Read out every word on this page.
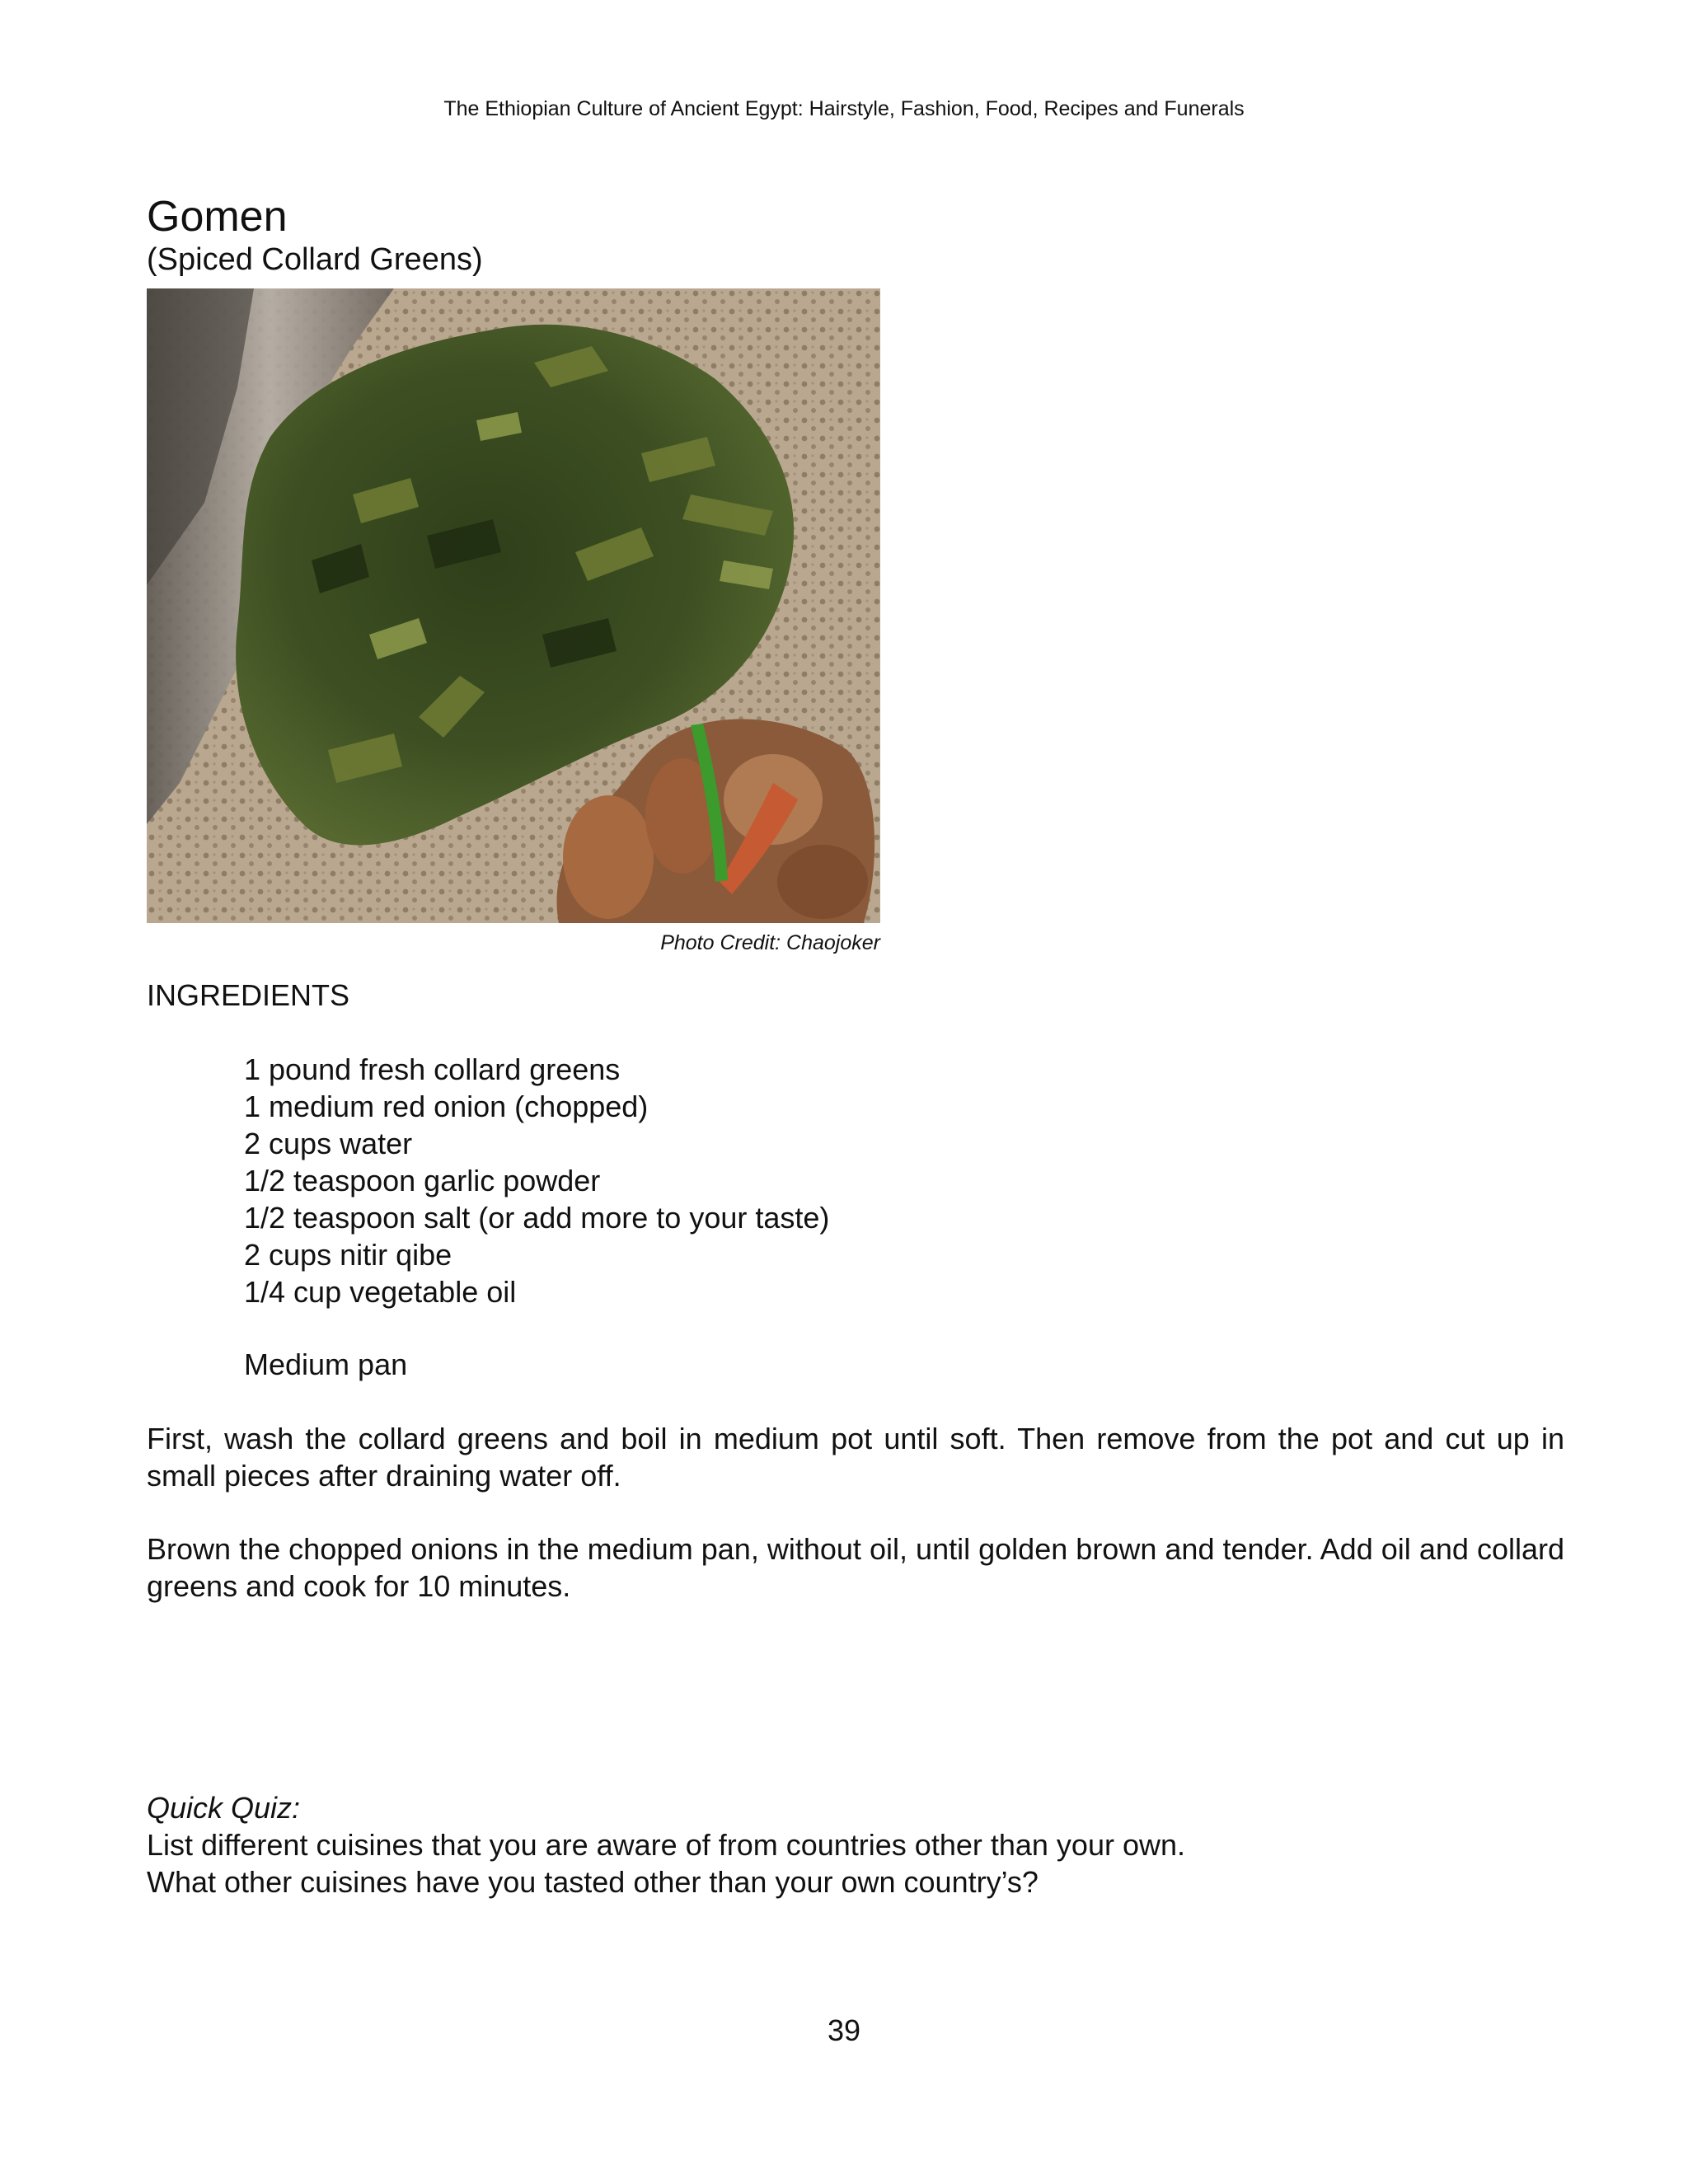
The Ethiopian Culture of Ancient Egypt: Hairstyle, Fashion, Food, Recipes and Funerals
Gomen
(Spiced Collard Greens)
Photo Credit: Chaojoker
INGREDIENTS
1 pound fresh collard greens
1 medium red onion (chopped)
2 cups water
1/2 teaspoon garlic powder
1/2 teaspoon salt (or add more to your taste)
2 cups nitir qibe
1/4 cup vegetable oil
Medium pan
First, wash the collard greens and boil in medium pot until soft. Then remove from the pot and cut up in small pieces after draining water off.
Brown the chopped onions in the medium pan, without oil, until golden brown and tender. Add oil and collard greens and cook for 10 minutes.
Quick Quiz:
List different cuisines that you are aware of from countries other than your own.
What other cuisines have you tasted other than your own country’s?
39
